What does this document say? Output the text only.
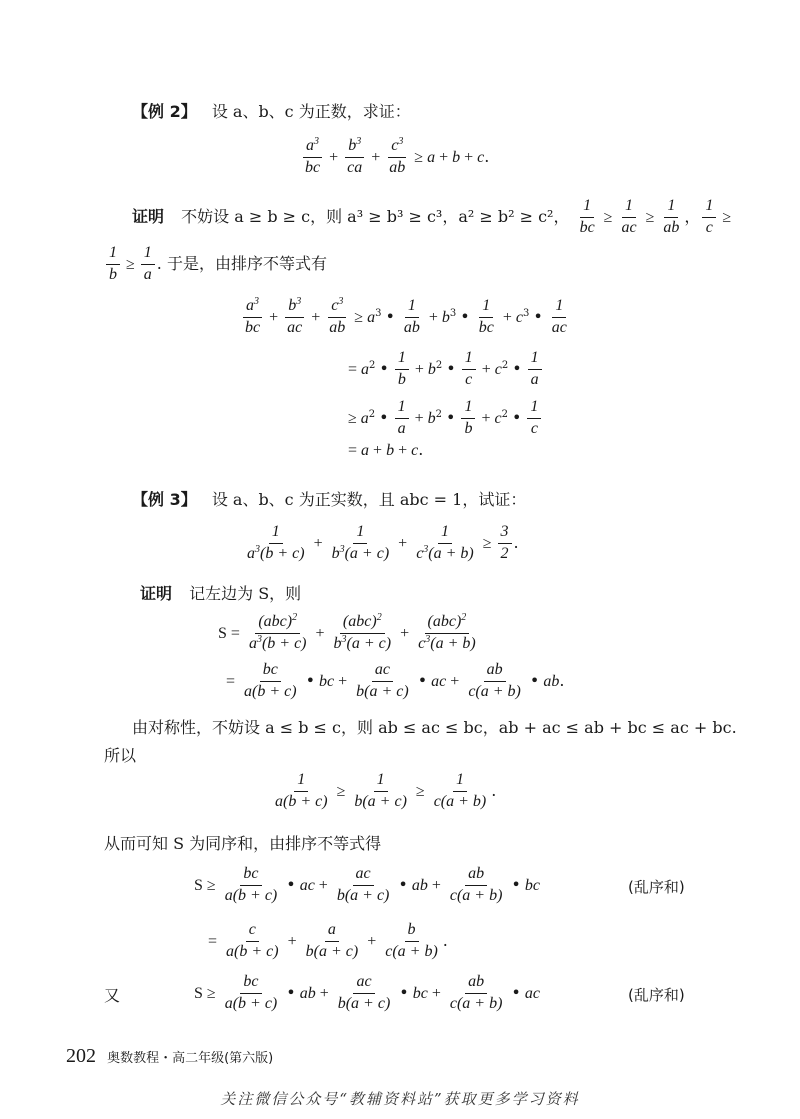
【例 2】 设 a、b、c 为正数，求证：
$\frac{a^3}{bc} + \frac{b^3}{ca} + \frac{c^3}{ab} \ge a + b + c$.
证明 不妨设 a ≥ b ≥ c，则 a³ ≥ b³ ≥ c³，a² ≥ b² ≥ c²， $\frac{1}{bc} \ge \frac{1}{ac} \ge \frac{1}{ab}$ ， $\frac{1}{c}$ ≥
$\frac{1}{b} \ge \frac{1}{a}$ . 于是，由排序不等式有
$\frac{a^3}{bc} + \frac{b^3}{ac} + \frac{c^3}{ab} \ge a^3$ • $\frac{1}{ab} + b^3$ • $\frac{1}{bc} + c^3$ • $\frac{1}{ac}$
= $a^2$ • $\frac{1}{b} + b^2$ • $\frac{1}{c} + c^2$ • $\frac{1}{a}$
≥ $a^2$ • $\frac{1}{a} + b^2$ • $\frac{1}{b} + c^2$ • $\frac{1}{c}$
= a + b + c.
【例 3】 设 a、b、c 为正实数，且 abc = 1，试证：
$\frac{1}{a^3(b + c)} + \frac{1}{b^3(a + c)} + \frac{1}{c^3(a + b)} \ge \frac{3}{2}$ .
证明 记左边为 S，则
$S = \frac{(abc)^2}{a^3(b + c)} + \frac{(abc)^2}{b^3(a + c)} + \frac{(abc)^2}{c^3(a + b)}$
= $\frac{bc}{a(b + c)}$ • bc + $\frac{ac}{b(a + c)}$ • ac + $\frac{ab}{c(a + b)}$ • ab.
由对称性，不妨设 a ≤ b ≤ c，则 ab ≤ ac ≤ bc，ab + ac ≤ ab + bc ≤ ac + bc.
所以
$\frac{1}{a(b + c)} \ge \frac{1}{b(a + c)} \ge \frac{1}{c(a + b)}$ .
从而可知 S 为同序和，由排序不等式得
$S \ge \frac{bc}{a(b + c)}$ • ac + $\frac{ac}{b(a + c)}$ • ab + $\frac{ab}{c(a + b)}$ • bc	(乱序和)
= $\frac{c}{a(b + c)} + \frac{a}{b(a + c)} + \frac{b}{c(a + b)}$ .
又	$S \ge \frac{bc}{a(b + c)}$ • ab + $\frac{ac}{b(a + c)}$ • bc + $\frac{ab}{c(a + b)}$ • ac	(乱序和)
202 奥数教程・高二年级(第六版)
关注微信公众号“教辅资料站”获取更多学习资料
